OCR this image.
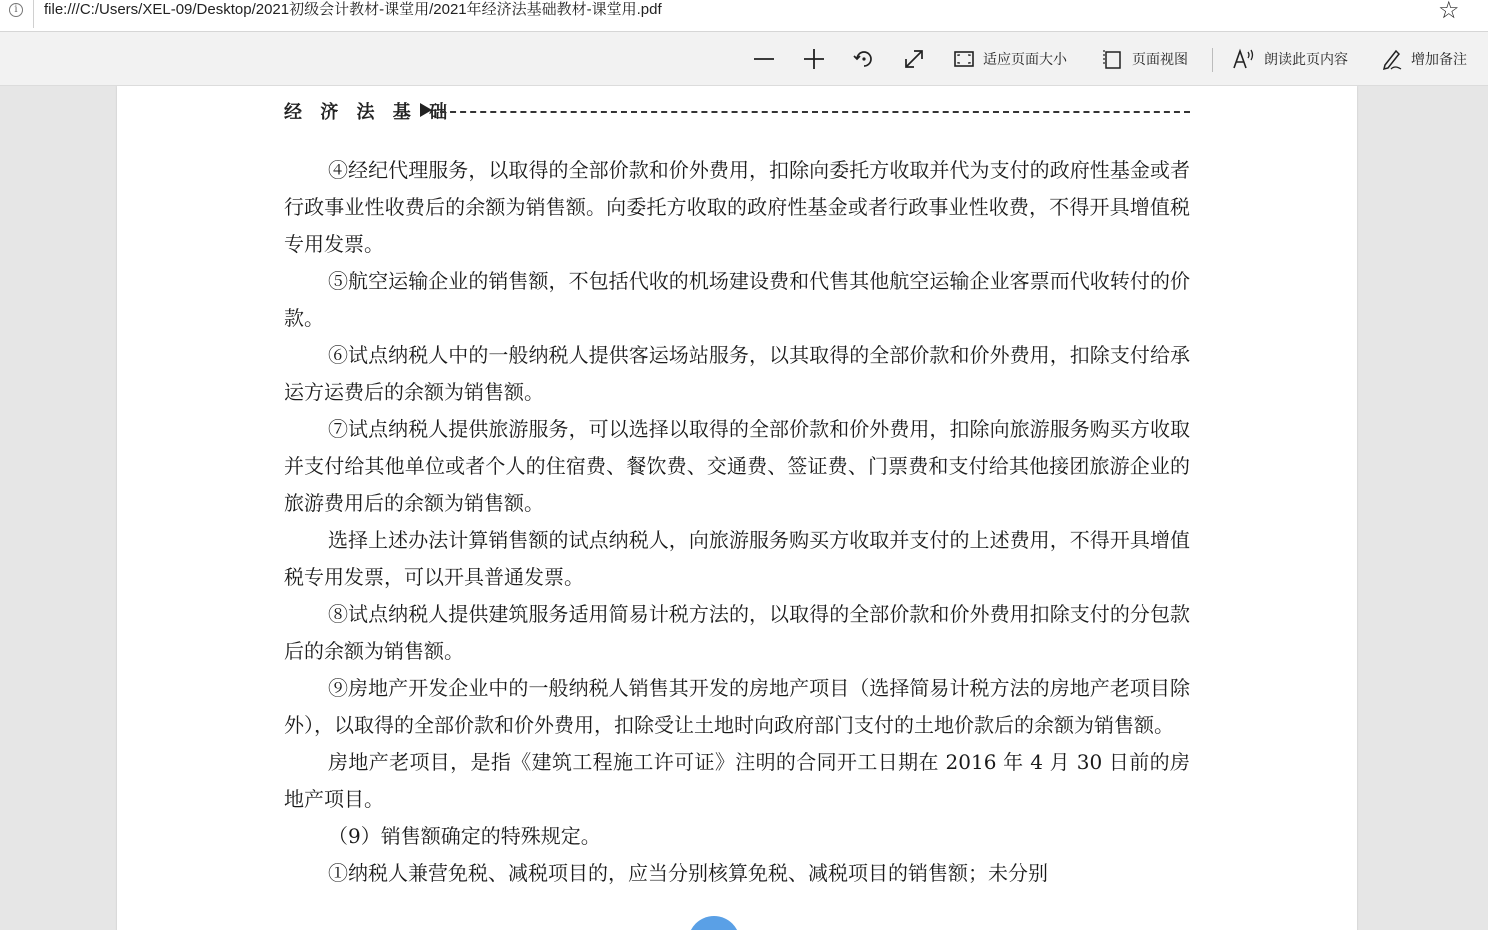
i	file:///C:/Users/XEL-09/Desktop/2021初级会计教材-课堂用/2021年经济法基础教材-课堂用.pdf	☆
适应页面大小	页面视图	朗读此页内容	增加备注
经 济 法 基 础

④经纪代理服务，以取得的全部价款和价外费用，扣除向委托方收取并代为支付的政府性基金或者行政事业性收费后的余额为销售额。向委托方收取的政府性基金或者行政事业性收费，不得开具增值税专用发票。

⑤航空运输企业的销售额，不包括代收的机场建设费和代售其他航空运输企业客票而代收转付的价款。

⑥试点纳税人中的一般纳税人提供客运场站服务，以其取得的全部价款和价外费用，扣除支付给承运方运费后的余额为销售额。

⑦试点纳税人提供旅游服务，可以选择以取得的全部价款和价外费用，扣除向旅游服务购买方收取并支付给其他单位或者个人的住宿费、餐饮费、交通费、签证费、门票费和支付给其他接团旅游企业的旅游费用后的余额为销售额。

选择上述办法计算销售额的试点纳税人，向旅游服务购买方收取并支付的上述费用，不得开具增值税专用发票，可以开具普通发票。

⑧试点纳税人提供建筑服务适用简易计税方法的，以取得的全部价款和价外费用扣除支付的分包款后的余额为销售额。

⑨房地产开发企业中的一般纳税人销售其开发的房地产项目（选择简易计税方法的房地产老项目除外），以取得的全部价款和价外费用，扣除受让土地时向政府部门支付的土地价款后的余额为销售额。

房地产老项目，是指《建筑工程施工许可证》注明的合同开工日期在 2016 年 4 月 30 日前的房地产项目。

（9）销售额确定的特殊规定。

①纳税人兼营免税、减税项目的，应当分别核算免税、减税项目的销售额；未分别
